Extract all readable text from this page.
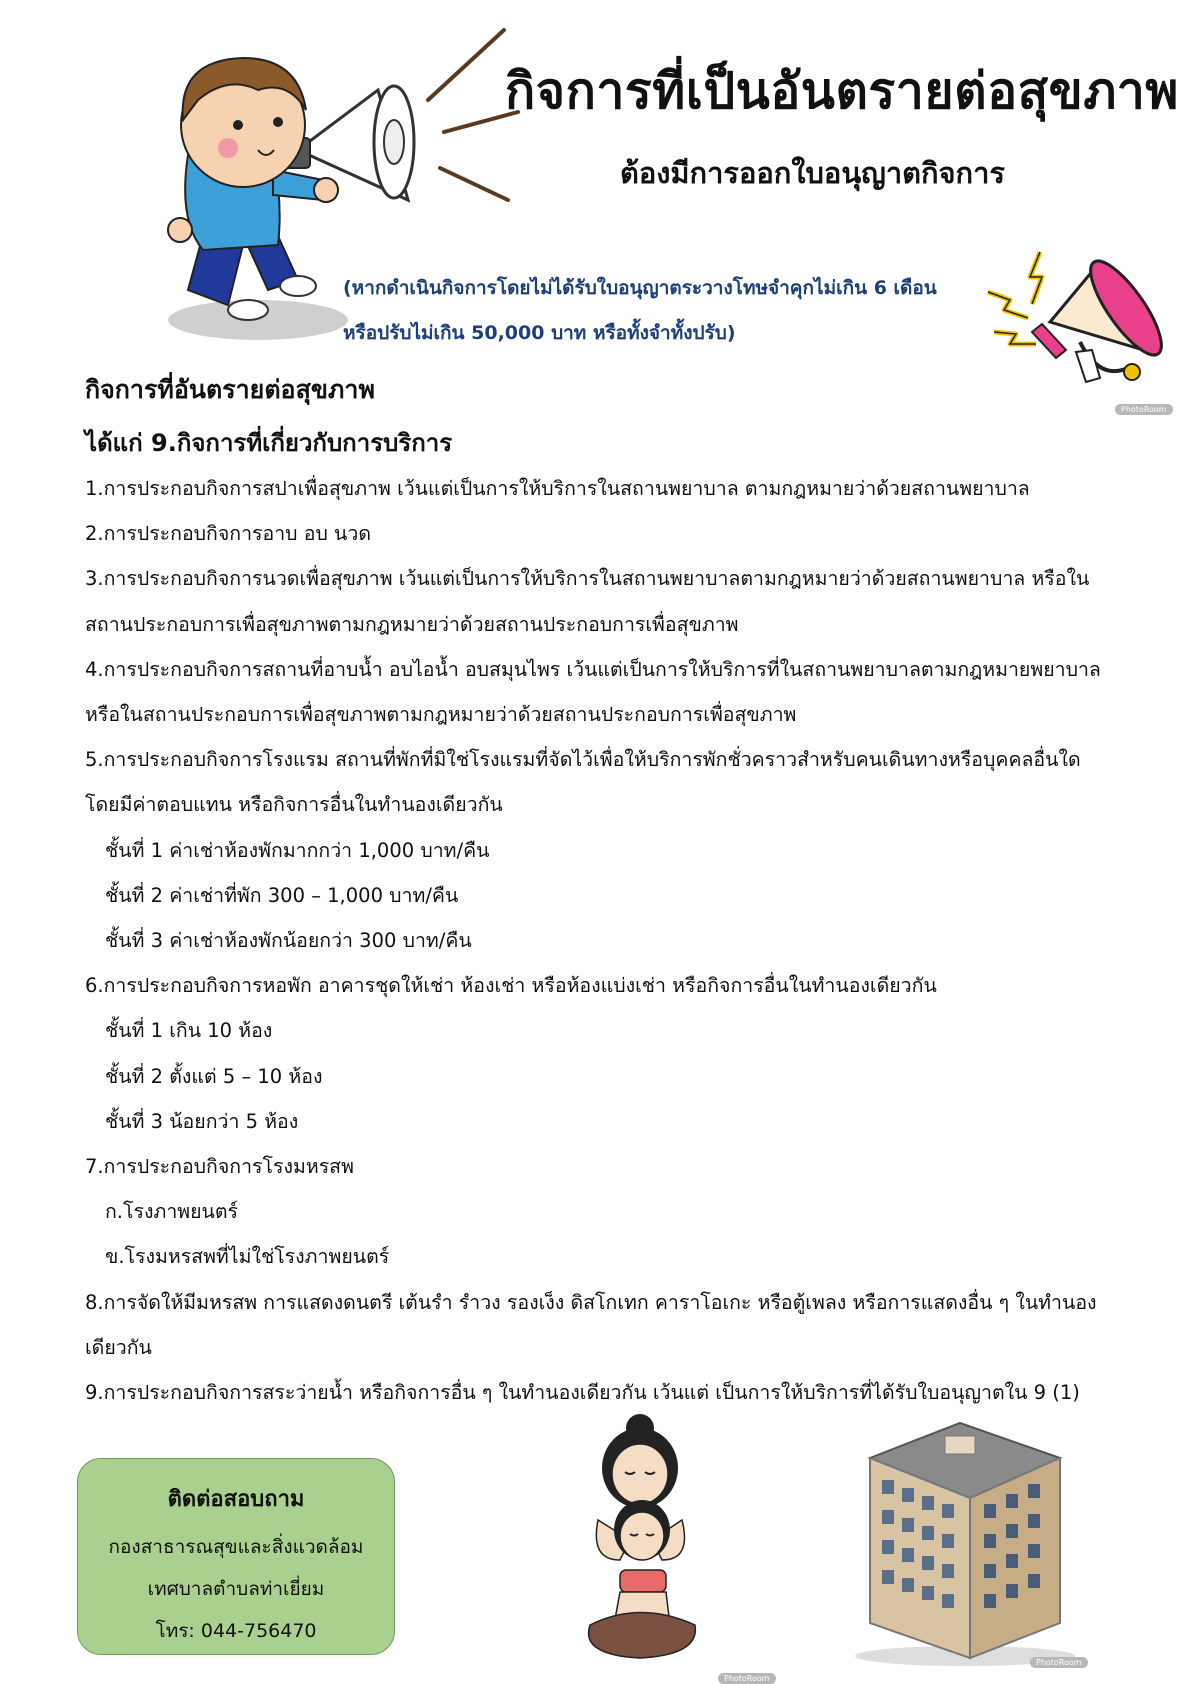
กิจการที่เป็นอันตรายต่อสุขภาพ
ต้องมีการออกใบอนุญาตกิจการ
(หากดำเนินกิจการโดยไม่ได้รับใบอนุญาตระวางโทษจำคุกไม่เกิน 6 เดือน
หรือปรับไม่เกิน 50,000 บาท หรือทั้งจำทั้งปรับ)
PhotoRoom
กิจการที่อันตรายต่อสุขภาพ
ได้แก่ 9.กิจการที่เกี่ยวกับการบริการ

1.การประกอบกิจการสปาเพื่อสุขภาพ เว้นแต่เป็นการให้บริการในสถานพยาบาล ตามกฎหมายว่าด้วยสถานพยาบาล

2.การประกอบกิจการอาบ อบ นวด

3.การประกอบกิจการนวดเพื่อสุขภาพ เว้นแต่เป็นการให้บริการในสถานพยาบาลตามกฎหมายว่าด้วยสถานพยาบาล หรือในสถานประกอบการเพื่อสุขภาพตามกฎหมายว่าด้วยสถานประกอบการเพื่อสุขภาพ

4.การประกอบกิจการสถานที่อาบน้ำ อบไอน้ำ อบสมุนไพร เว้นแต่เป็นการให้บริการที่ในสถานพยาบาลตามกฎหมายพยาบาล หรือในสถานประกอบการเพื่อสุขภาพตามกฎหมายว่าด้วยสถานประกอบการเพื่อสุขภาพ

5.การประกอบกิจการโรงแรม สถานที่พักที่มิใช่โรงแรมที่จัดไว้เพื่อให้บริการพักชั่วคราวสำหรับคนเดินทางหรือบุคคลอื่นใดโดยมีค่าตอบแทน หรือกิจการอื่นในทำนองเดียวกัน

ชั้นที่ 1 ค่าเช่าห้องพักมากกว่า 1,000 บาท/คืน

ชั้นที่ 2 ค่าเช่าที่พัก 300 – 1,000 บาท/คืน

ชั้นที่ 3 ค่าเช่าห้องพักน้อยกว่า 300 บาท/คืน

6.การประกอบกิจการหอพัก อาคารชุดให้เช่า ห้องเช่า หรือห้องแบ่งเช่า หรือกิจการอื่นในทำนองเดียวกัน

ชั้นที่ 1 เกิน 10 ห้อง

ชั้นที่ 2 ตั้งแต่ 5 – 10 ห้อง

ชั้นที่ 3 น้อยกว่า 5 ห้อง

7.การประกอบกิจการโรงมหรสพ

ก.โรงภาพยนตร์

ข.โรงมหรสพที่ไม่ใช่โรงภาพยนตร์

8.การจัดให้มีมหรสพ การแสดงดนตรี เต้นรำ รำวง รองเง็ง ดิสโกเทก คาราโอเกะ หรือตู้เพลง หรือการแสดงอื่น ๆ ในทำนองเดียวกัน

9.การประกอบกิจการสระว่ายน้ำ หรือกิจการอื่น ๆ ในทำนองเดียวกัน เว้นแต่ เป็นการให้บริการที่ได้รับใบอนุญาตใน 9 (1)

ติดต่อสอบถาม
กองสาธารณสุขและสิ่งแวดล้อม
เทศบาลตำบลท่าเยี่ยม
โทร: 044-756470
PhotoRoom
PhotoRoom
